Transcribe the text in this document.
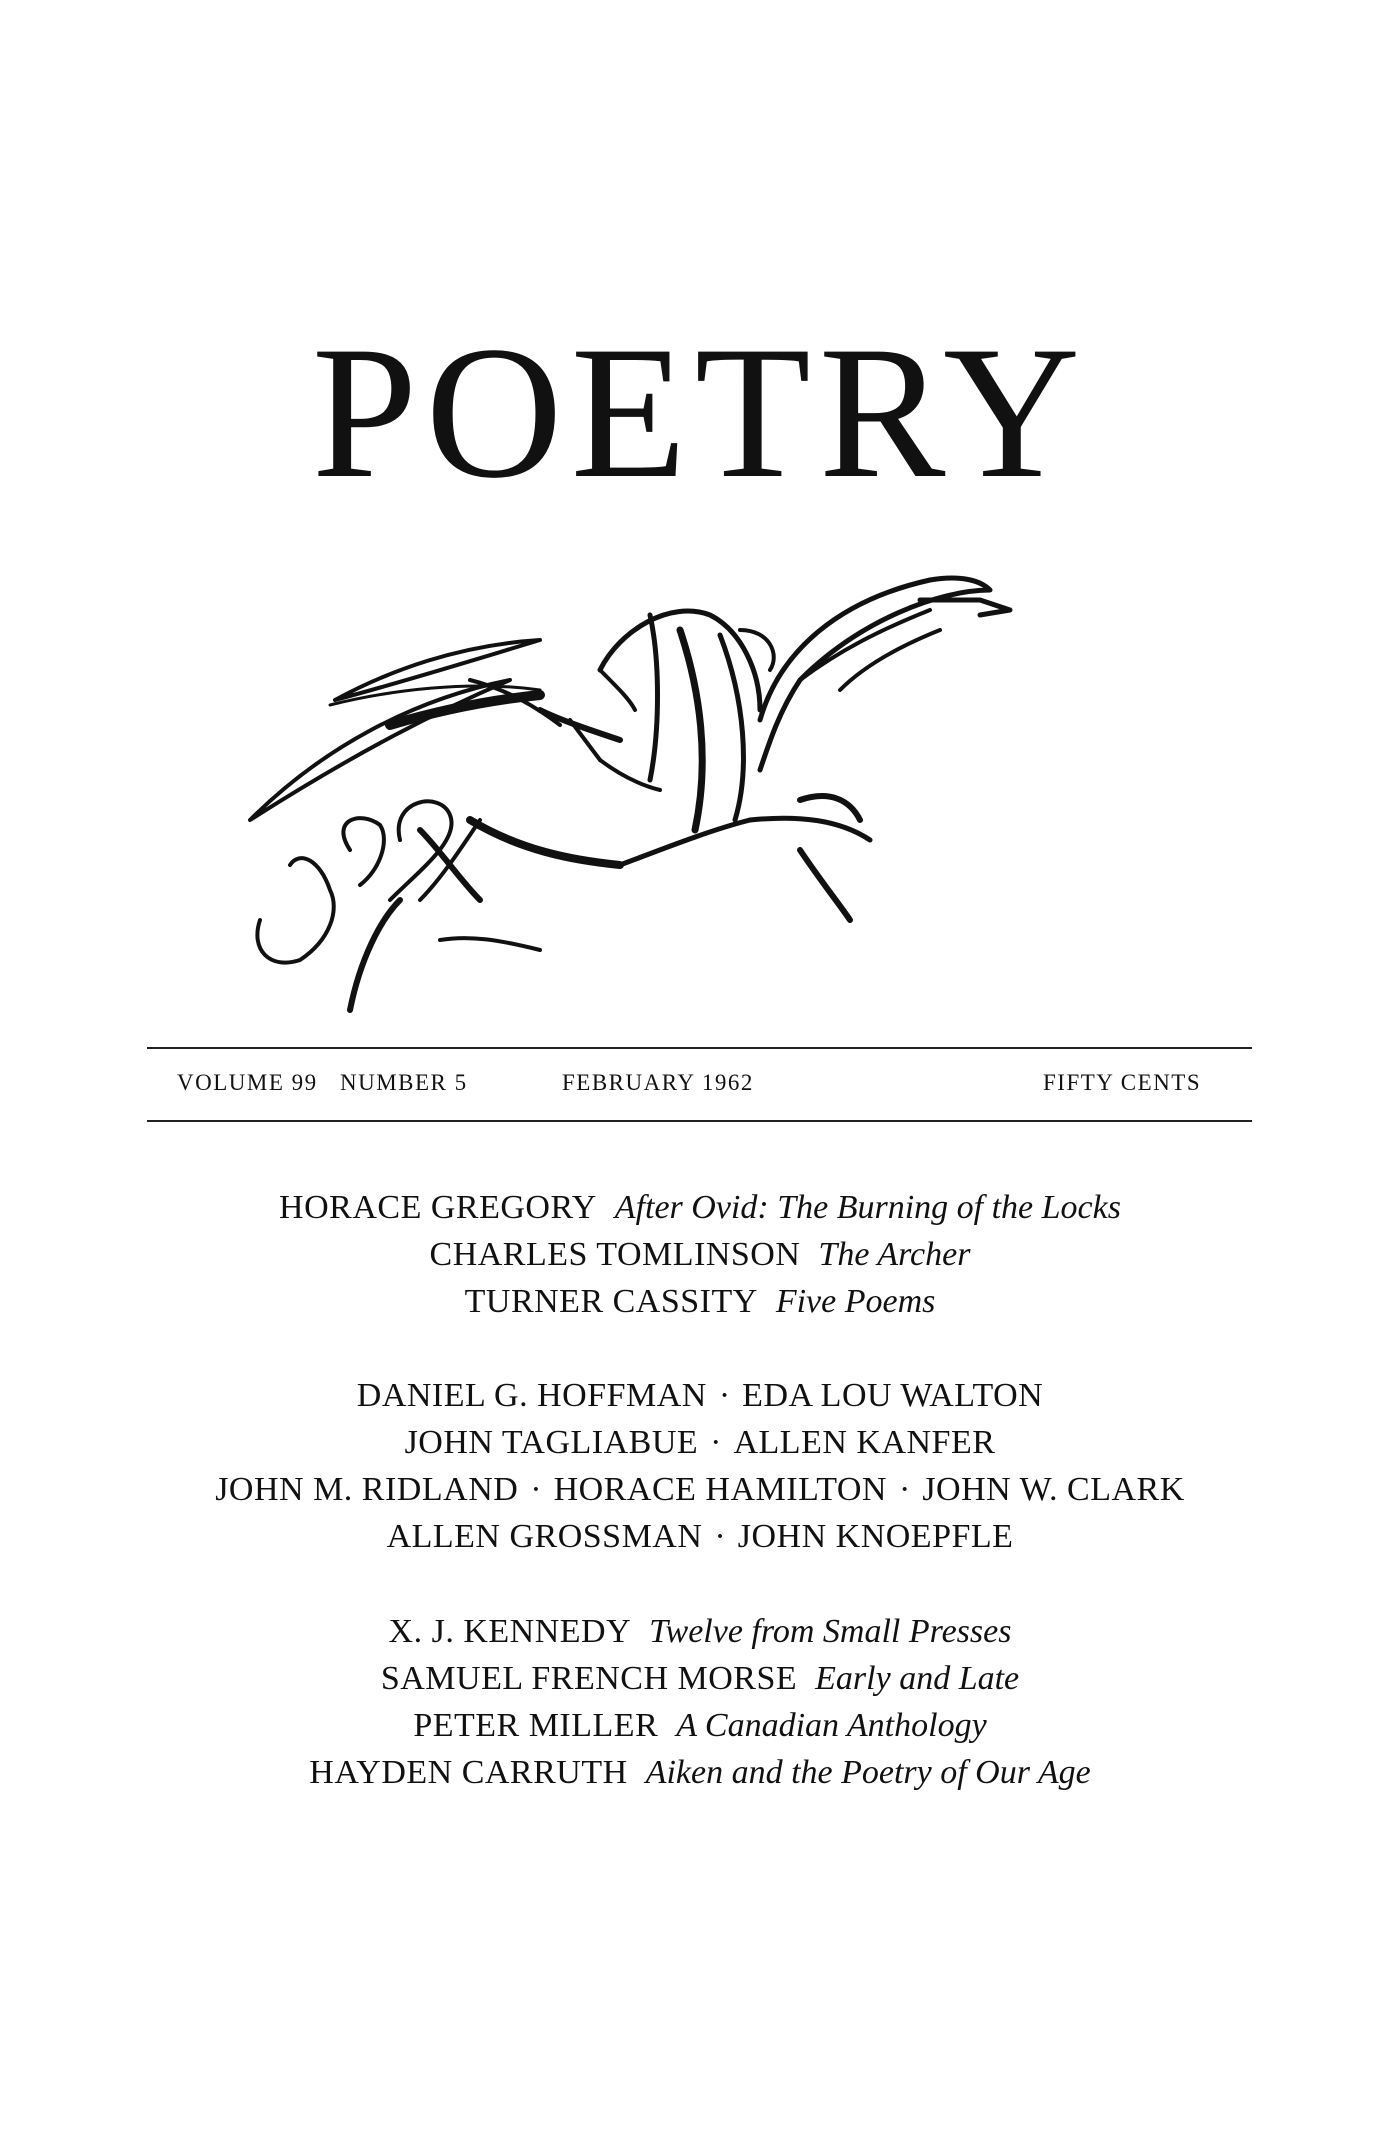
POETRY
VOLUME 99 NUMBER 5	FEBRUARY 1962	FIFTY CENTS
HORACE GREGORY After Ovid: The Burning of the Locks
CHARLES TOMLINSON The Archer
TURNER CASSITY Five Poems
DANIEL G. HOFFMAN · EDA LOU WALTON
JOHN TAGLIABUE · ALLEN KANFER
JOHN M. RIDLAND · HORACE HAMILTON · JOHN W. CLARK
ALLEN GROSSMAN · JOHN KNOEPFLE
X. J. KENNEDY Twelve from Small Presses
SAMUEL FRENCH MORSE Early and Late
PETER MILLER A Canadian Anthology
HAYDEN CARRUTH Aiken and the Poetry of Our Age
